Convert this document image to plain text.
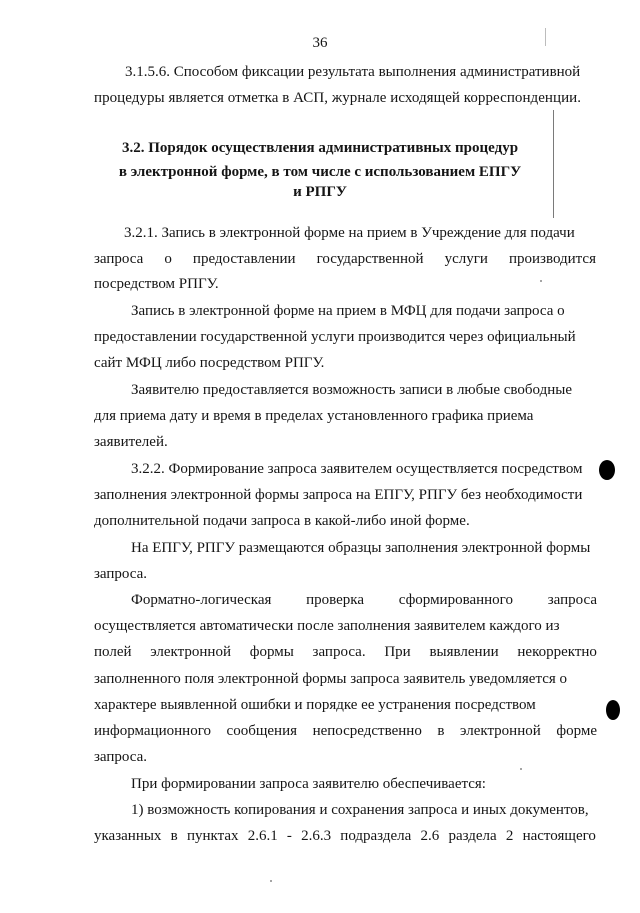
36
3.1.5.6. Способом фиксации результата выполнения административной
процедуры является отметка в АСП, журнале исходящей корреспонденции.
3.2. Порядок осуществления административных процедур
в электронной форме, в том числе с использованием ЕПГУ
и РПГУ
3.2.1. Запись в электронной форме на прием в Учреждение для подачи
запроса о предоставлении государственной услуги производится
посредством РПГУ.
Запись в электронной форме на прием в МФЦ для подачи запроса о
предоставлении государственной услуги производится через официальный
сайт МФЦ либо посредством РПГУ.
Заявителю предоставляется возможность записи в любые свободные
для приема дату и время в пределах установленного графика приема
заявителей.
3.2.2. Формирование запроса заявителем осуществляется посредством
заполнения электронной формы запроса на ЕПГУ, РПГУ без необходимости
дополнительной подачи запроса в какой-либо иной форме.
На ЕПГУ, РПГУ размещаются образцы заполнения электронной формы
запроса.
Форматно-логическая проверка сформированного запроса
осуществляется автоматически после заполнения заявителем каждого из
полей электронной формы запроса. При выявлении некорректно
заполненного поля электронной формы запроса заявитель уведомляется о
характере выявленной ошибки и порядке ее устранения посредством
информационного сообщения непосредственно в электронной форме
запроса.
При формировании запроса заявителю обеспечивается:
1) возможность копирования и сохранения запроса и иных документов,
указанных в пунктах 2.6.1 - 2.6.3 подраздела 2.6 раздела 2 настоящего
